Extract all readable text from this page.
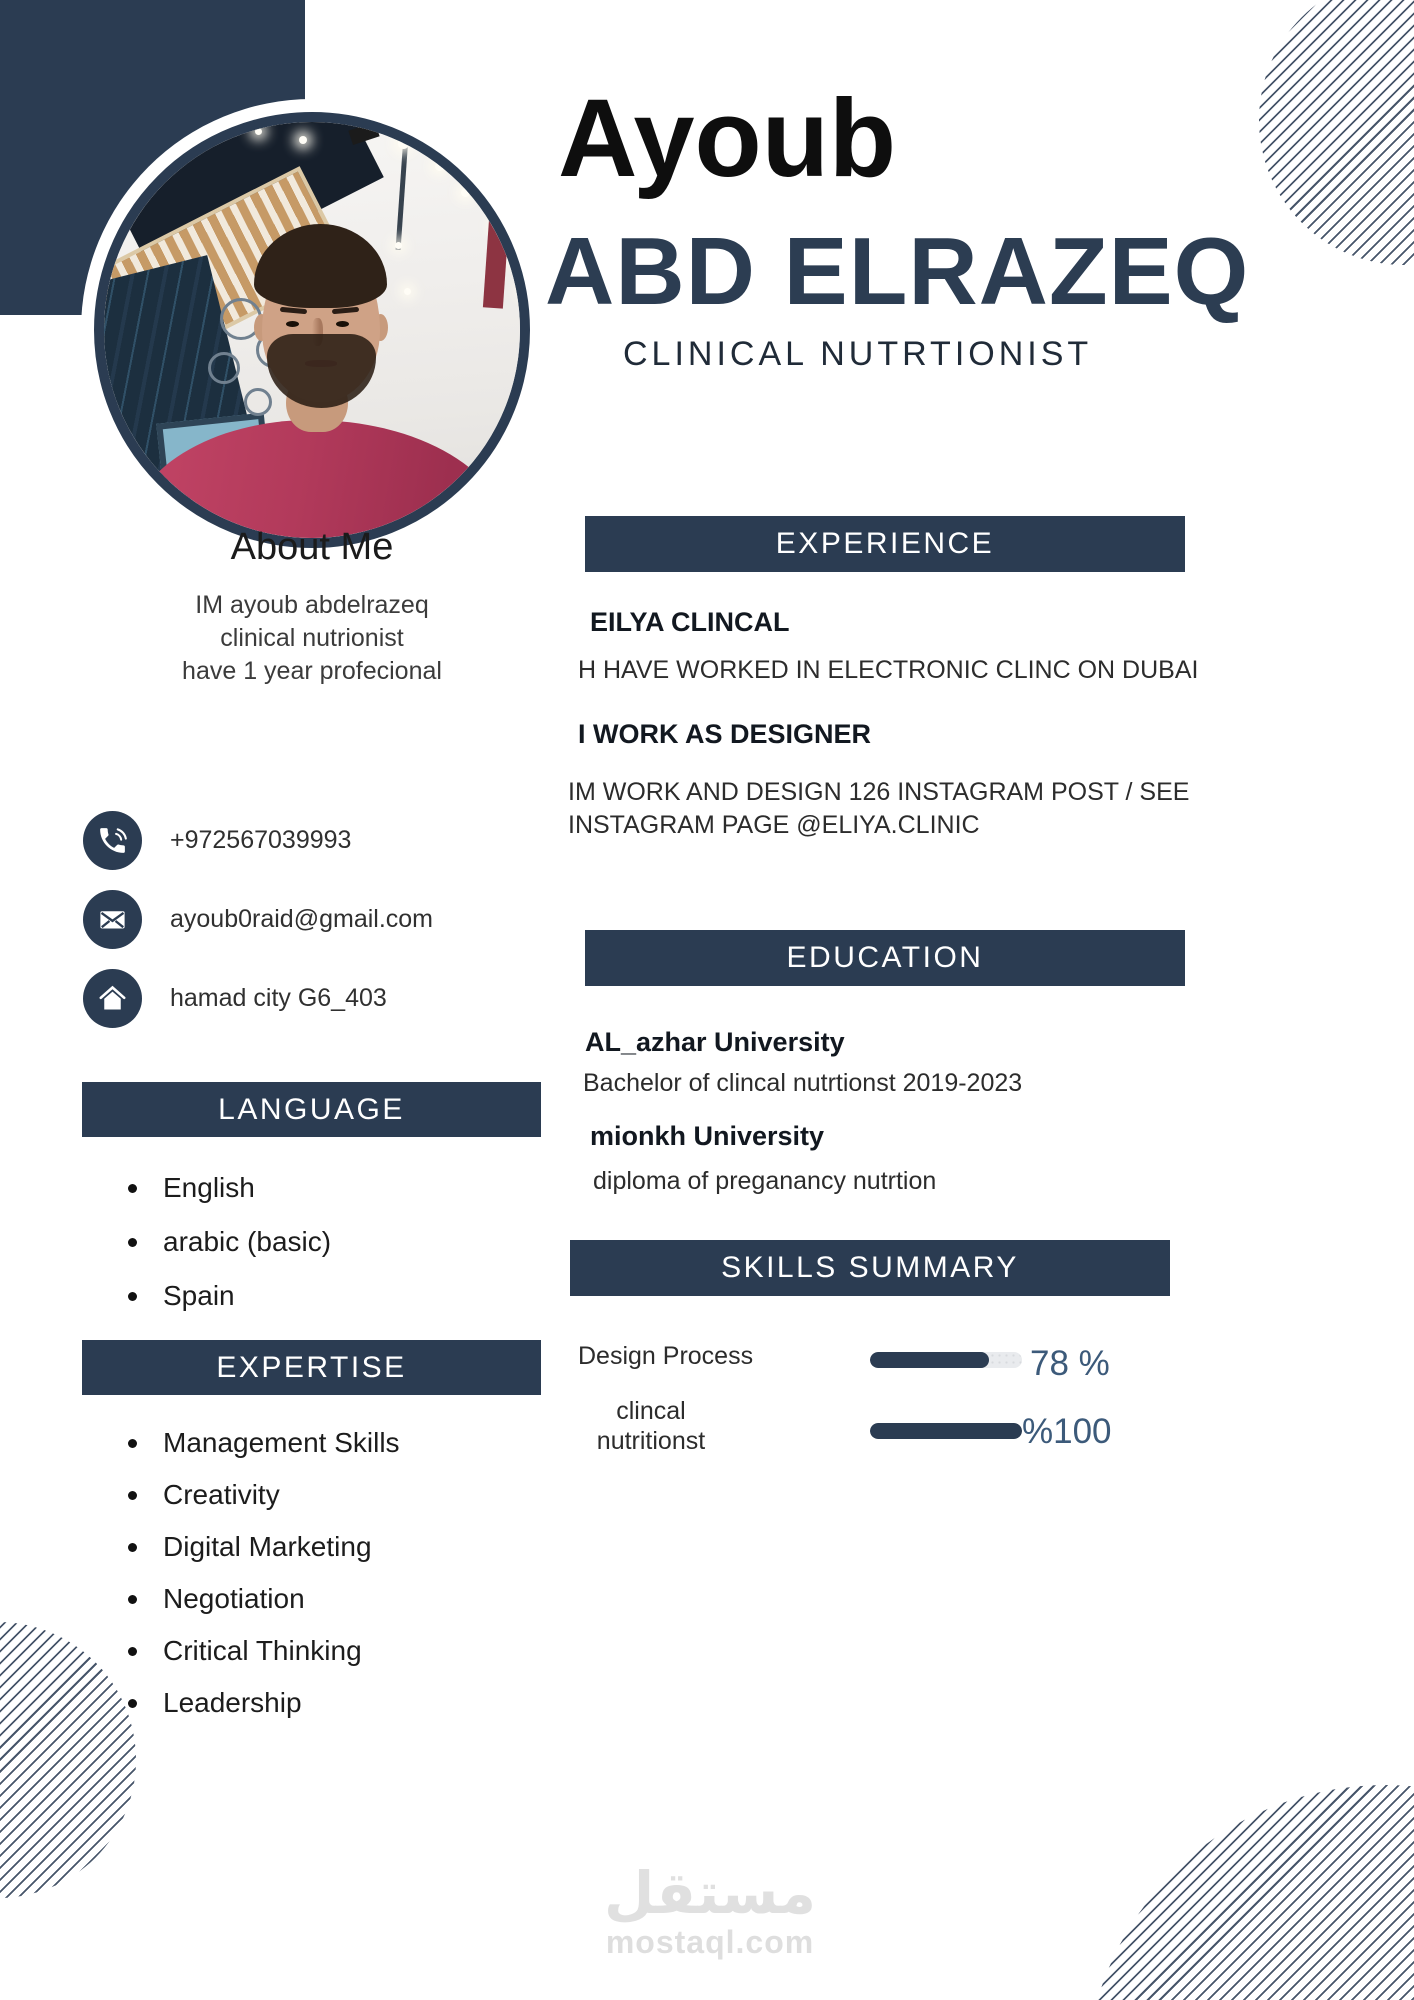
Ayoub
ABD ELRAZEQ
CLINICAL NUTRTIONIST
About Me
IM ayoub abdelrazeq
clinical nutrionist
have 1 year profecional
+972567039993
ayoub0raid@gmail.com
hamad city G6_403
LANGUAGE
English
arabic (basic)
Spain
EXPERTISE
Management Skills
Creativity
Digital Marketing
Negotiation
Critical Thinking
Leadership
EXPERIENCE
EILYA CLINCAL
H HAVE WORKED IN ELECTRONIC CLINC ON DUBAI
I WORK AS DESIGNER
IM WORK AND DESIGN 126 INSTAGRAM POST / SEE INSTAGRAM PAGE @ELIYA.CLINIC
EDUCATION
AL_azhar University
Bachelor of clincal nutrtionst 2019-2023
mionkh University
diploma of preganancy nutrtion
SKILLS SUMMARY
Design Process	78 %
clincal nutritionst	%100
مستقل
mostaql.com
